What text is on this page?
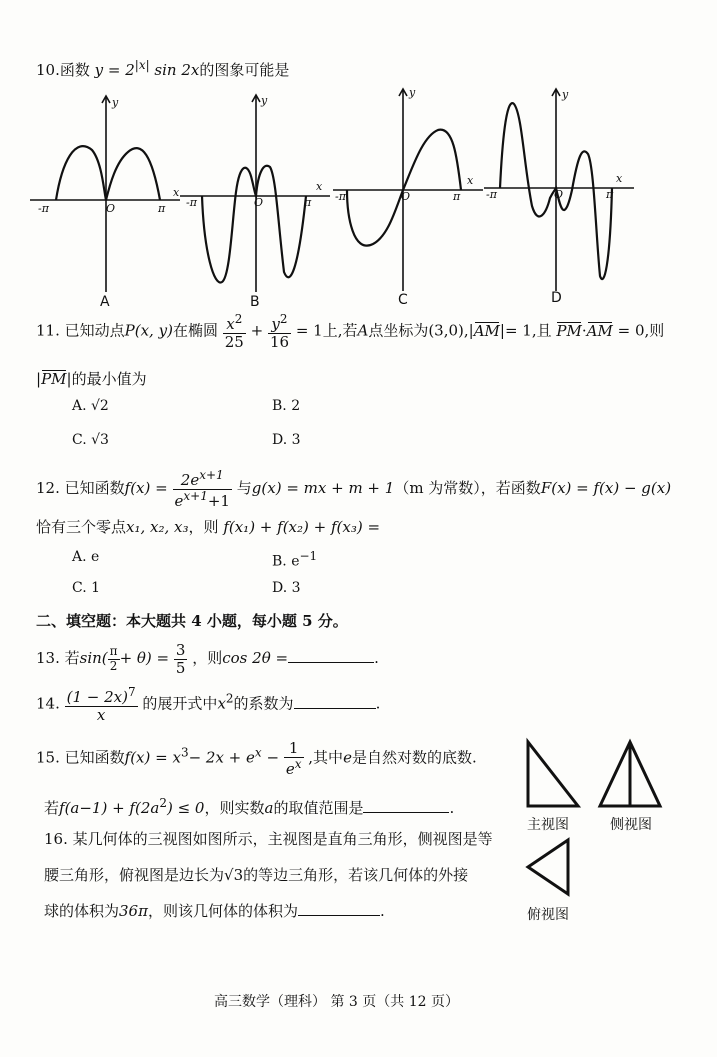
10.函数 $y = 2^{|x|}$ sin 2x的图象可能是
x
y
O
-π	π
A
x
y
O
-π	π
B
x
y
O
-π	π
C
x
y
O
-π	π
D
11. 已知动点P(x, y)在椭圆 $\frac{x^2}{25} + \frac{y^2}{16} = 1$上,若A点坐标为(3,0),|AM|= 1,且 PM·AM = 0,则
|PM|的最小值为
A. √2	B. 2
C. √3	D. 3
12. 已知函数$f(x) = \frac{2e^{x+1}}{e^{x+1}+1}$ 与g(x) = mx + m + 1（m 为常数），若函数F(x) = f(x) − g(x)
恰有三个零点x₁, x₂, x₃，则 f(x₁) + f(x₂) + f(x₃) =
A. e	B. $e^{-1}$
C. 1	D. 3
二、填空题：本大题共 4 小题，每小题 5 分。
13. 若$\sin( \frac{\pi}{2} + \theta) = \frac{3}{5}$ ，则cos 2θ =	.
14. $\frac{(1 - 2x)^7}{x}$ 的展开式中$x^2$的系数为	.
15. 已知函数$f(x) = x^3- 2x + e^x - \frac{1}{e^x}$ ,其中e是自然对数的底数.
若$f(a-1) + f(2a^2) \le 0$，则实数a的取值范围是	.
16. 某几何体的三视图如图所示，主视图是直角三角形，侧视图是等
腰三角形，俯视图是边长为√3的等边三角形，若该几何体的外接
球的体积为36π，则该几何体的体积为	.
主视图	侧视图
俯视图
高三数学（理科） 第 3 页（共 12 页）
